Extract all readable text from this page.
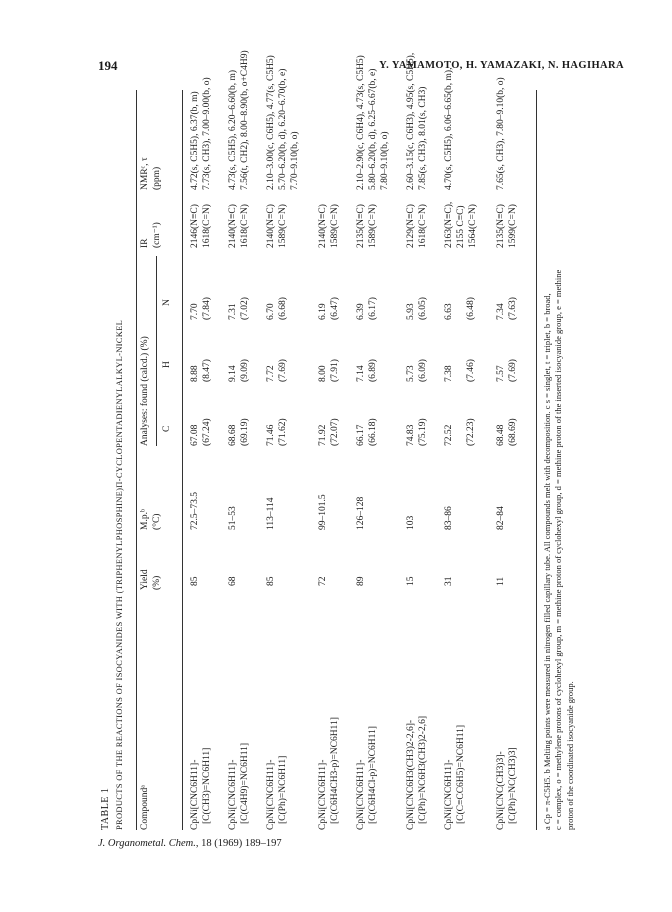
194	Y. YAMAMOTO, H. YAMAZAKI, N. HAGIHARA
TABLE 1 PRODUCTS OF THE REACTIONS OF ISOCYANIDES WITH (TRIPHENYLPHOSPHINE)Π-CYCLOPENTADIENYLALKYL-NICKEL Compoundᵃ
Yield (%)
M.p.ᵇ (°C)
Analyses: found (calcd.) (%) C
H
N
IR (cm⁻¹)
NMRᶜ, τ (ppm)
CpNi[CNC6H11]- [C(CH3)=NC6H11]
85
72.5–73.5
67.08 (67.24)
8.88 (8.47)
7.70 (7.84)
2146(N≡C) 1618(C=N)
4.72(s, C5H5), 6.37(b, m) 7.73(s, CH3), 7.00–9.00(b, o)
CpNi[CNC6H11]- [C(C4H9)=NC6H11]
68
51–53
68.68 (69.19)
9.14 (9.09)
7.31 (7.02)
2140(N≡C) 1618(C=N)
4.73(s, C5H5), 6.20–6.60(b, m) 7.56(t, CH2), 8.00–8.90(b, o+C4H9)
CpNi[CNC6H11]- [C(Ph)=NC6H11]
85
113–114
71.46 (71.62)
7.72 (7.69)
6.70 (6.68)
2140(N≡C) 1589(C=N)
2.10–3.00(c, C6H5), 4.77(s, C5H5) 5.70–6.20(b, d), 6.20–6.70(b, e) 7.70–9.10(b, o)
CpNi[CNC6H11]- [C(C6H4CH3-p)=NC6H11]
72
99–101.5
71.92 (72.07)
8.00 (7.91)
6.19 (6.47)
2140(N≡C) 1589(C=N)
CpNi[CNC6H11]- [C(C6H4Cl-p)=NC6H11]
89
126–128
66.17 (66.18)
7.14 (6.89)
6.39 (6.17)
2135(N≡C) 1589(C=N)
2.10–2.90(c, C6H4), 4.73(s, C5H5) 5.80–6.20(b, d), 6.25–6.67(b, e) 7.80–9.10(b, o)
CpNi[CNC6H3(CH3)2-2,6]- [C(Ph)=NC6H3(CH3)2-2,6]
15
103
74.83 (75.19)
5.73 (6.09)
5.93 (6.05)
2129(N≡C) 1618(C=N)
2.60–3.15(c, C6H3), 4.95(s, C5H5), 7.85(s, CH3), 8.01(s, CH3)
CpNi[CNC6H11]- [C(C≡CC6H5)=NC6H11]
31
83–86
72.52 (72.23)
7.38 (7.46)
6.63 (6.48)
2163(N≡C), 2155 C≡C) 1564(C=N)
4.70(s, C5H5), 6.06–6.65(b, m),
CpNi[CNC(CH3)3]- [C(Ph)=NC(CH3)3]
11
82–84
68.48 (68.69)
7.57 (7.69)
7.34 (7.63)
2135(N≡C) 1599(C=N)
7.65(s, CH3), 7.80–9.10(b, o)
a Cp = π-C5H5. b Melting points were measured in nitrogen filled capillary tube. All compounds melt with decomposition. c s = singlet, t = triplet, b = broad, c = complex, o = methylene protons of cyclohexyl group, m = methine proton of cyclohexyl group, d = methine proton of the inserted isocyanide group, e = methine proton of the coordinated isocyanide group.
J. Organometal. Chem., 18 (1969) 189–197
